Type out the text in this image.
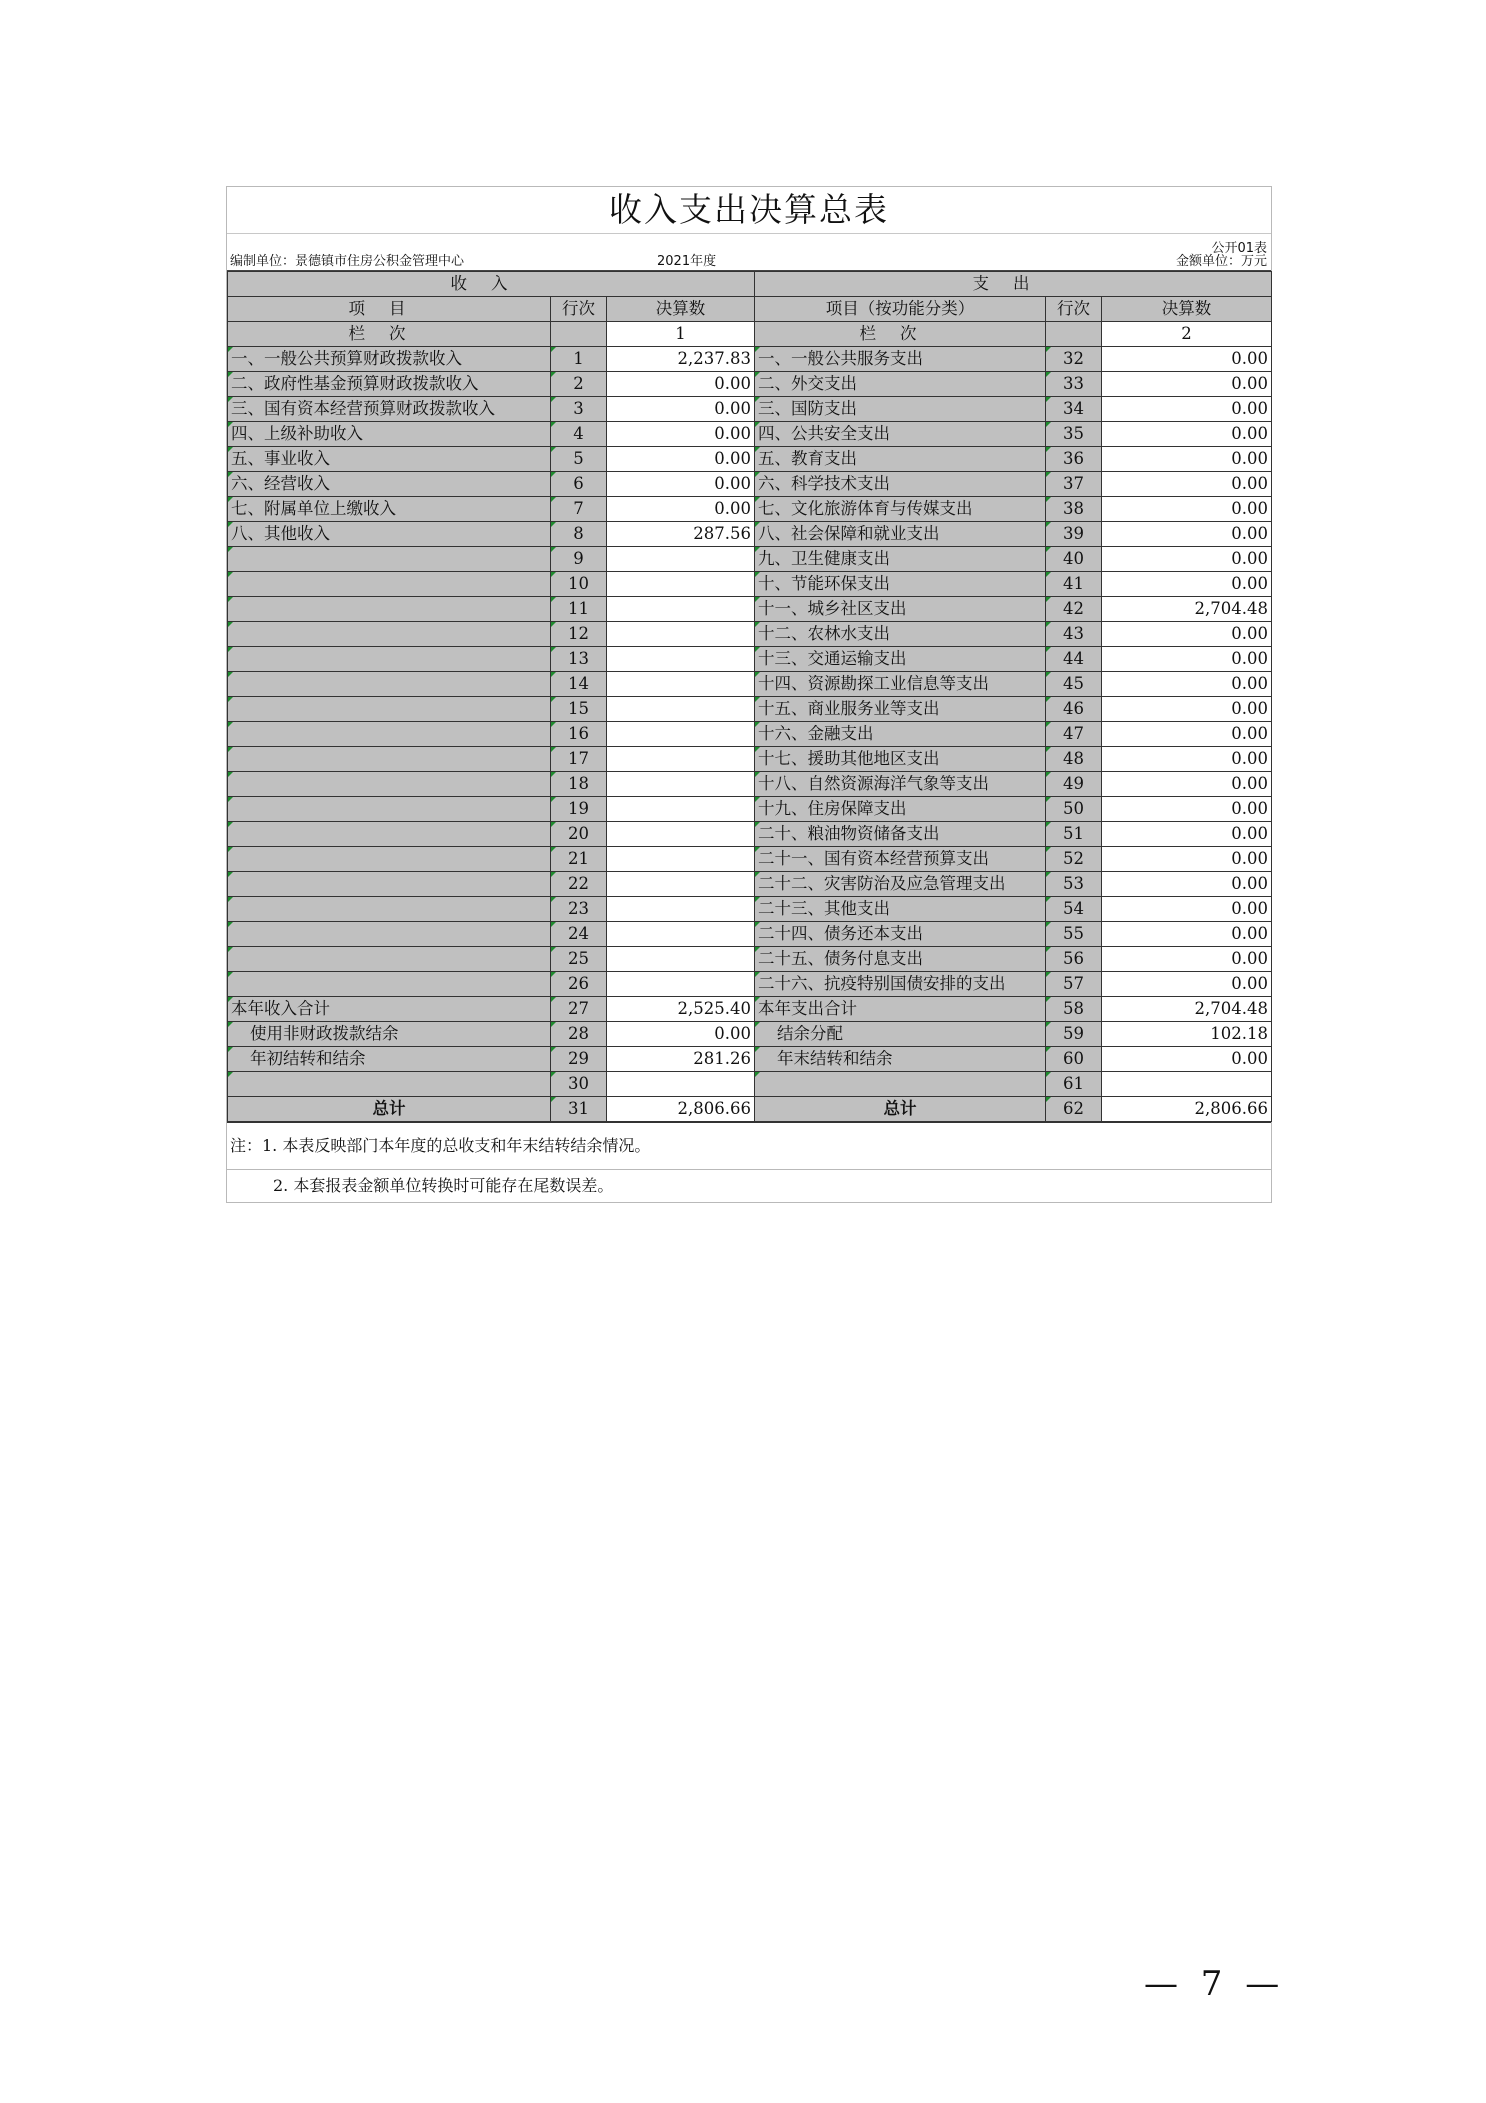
收入支出决算总表
公开01表
编制单位：景德镇市住房公积金管理中心	2021年度	金额单位：万元
收入			支出		
项目	行次	决算数	项目（按功能分类）	行次	决算数
栏次		1	栏次		2
一、一般公共预算财政拨款收入	1	2,237.83	一、一般公共服务支出	32	0.00
二、政府性基金预算财政拨款收入	2	0.00	二、外交支出	33	0.00
三、国有资本经营预算财政拨款收入	3	0.00	三、国防支出	34	0.00
四、上级补助收入	4	0.00	四、公共安全支出	35	0.00
五、事业收入	5	0.00	五、教育支出	36	0.00
六、经营收入	6	0.00	六、科学技术支出	37	0.00
七、附属单位上缴收入	7	0.00	七、文化旅游体育与传媒支出	38	0.00
八、其他收入	8	287.56	八、社会保障和就业支出	39	0.00
	9		九、卫生健康支出	40	0.00
	10		十、节能环保支出	41	0.00
	11		十一、城乡社区支出	42	2,704.48
	12		十二、农林水支出	43	0.00
	13		十三、交通运输支出	44	0.00
	14		十四、资源勘探工业信息等支出	45	0.00
	15		十五、商业服务业等支出	46	0.00
	16		十六、金融支出	47	0.00
	17		十七、援助其他地区支出	48	0.00
	18		十八、自然资源海洋气象等支出	49	0.00
	19		十九、住房保障支出	50	0.00
	20		二十、粮油物资储备支出	51	0.00
	21		二十一、国有资本经营预算支出	52	0.00
	22		二十二、灾害防治及应急管理支出	53	0.00
	23		二十三、其他支出	54	0.00
	24		二十四、债务还本支出	55	0.00
	25		二十五、债务付息支出	56	0.00
	26		二十六、抗疫特别国债安排的支出	57	0.00
本年收入合计	27	2,525.40	本年支出合计	58	2,704.48
使用非财政拨款结余	28	0.00	结余分配	59	102.18
年初结转和结余	29	281.26	年末结转和结余	60	0.00
	30			61	
总计	31	2,806.66	总计	62	2,806.66
注：1. 本表反映部门本年度的总收支和年末结转结余情况。
2. 本套报表金额单位转换时可能存在尾数误差。
— 7 —
